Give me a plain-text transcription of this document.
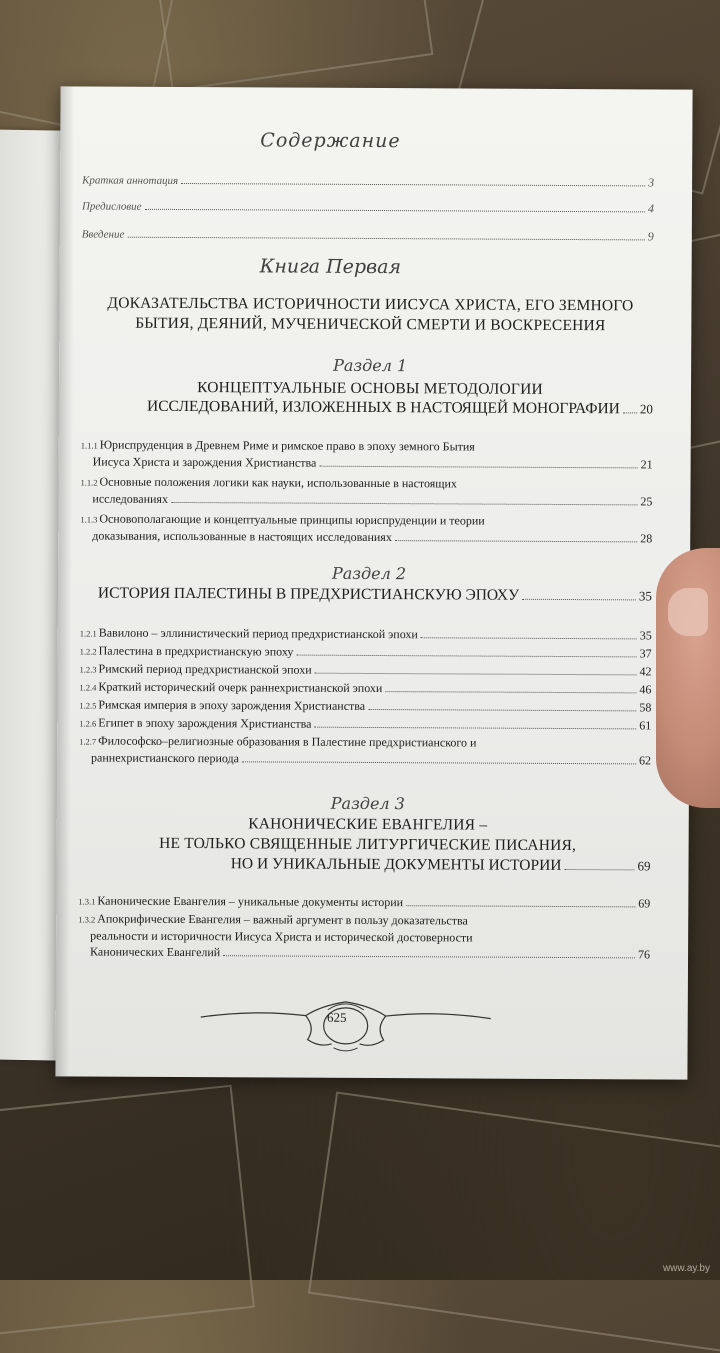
Содержание
Краткая аннотация	3
Предисловие	4
Введение	9
Книга Первая
ДОКАЗАТЕЛЬСТВА ИСТОРИЧНОСТИ ИИСУСА ХРИСТА, ЕГО ЗЕМНОГО
БЫТИЯ, ДЕЯНИЙ, МУЧЕНИЧЕСКОЙ СМЕРТИ И ВОСКРЕСЕНИЯ
Раздел 1
КОНЦЕПТУАЛЬНЫЕ ОСНОВЫ МЕТОДОЛОГИИ
ИССЛЕДОВАНИЙ, ИЗЛОЖЕННЫХ В НАСТОЯЩЕЙ МОНОГРАФИИ 20
1.1.1 Юриспруденция в Древнем Риме и римское право в эпоху земного Бытия
Иисуса Христа и зарождения Христианства	21
1.1.2 Основные положения логики как науки, использованные в настоящих
исследованиях	25
1.1.3 Основополагающие и концептуальные принципы юриспруденции и теории
доказывания, использованные в настоящих исследованиях	28
Раздел 2
ИСТОРИЯ ПАЛЕСТИНЫ В ПРЕДХРИСТИАНСКУЮ ЭПОХУ	35
1.2.1 Вавилоно – эллинистический период предхристианской эпохи	35
1.2.2 Палестина в предхристианскую эпоху	37
1.2.3 Римский период предхристианской эпохи	42
1.2.4 Краткий исторический очерк раннехристианской эпохи	46
1.2.5 Римская империя в эпоху зарождения Христианства	58
1.2.6 Египет в эпоху зарождения Христианства	61
1.2.7 Философско–религиозные образования в Палестине предхристианского и
раннехристианского периода	62
Раздел 3
КАНОНИЧЕСКИЕ ЕВАНГЕЛИЯ –
НЕ ТОЛЬКО СВЯЩЕННЫЕ ЛИТУРГИЧЕСКИЕ ПИСАНИЯ,
НО И УНИКАЛЬНЫЕ ДОКУМЕНТЫ ИСТОРИИ	69
1.3.1 Канонические Евангелия – уникальные документы истории	69
1.3.2 Апокрифические Евангелия – важный аргумент в пользу доказательства
реальности и историчности Иисуса Христа и исторической достоверности
Канонических Евангелий	76
625
www.ay.by
